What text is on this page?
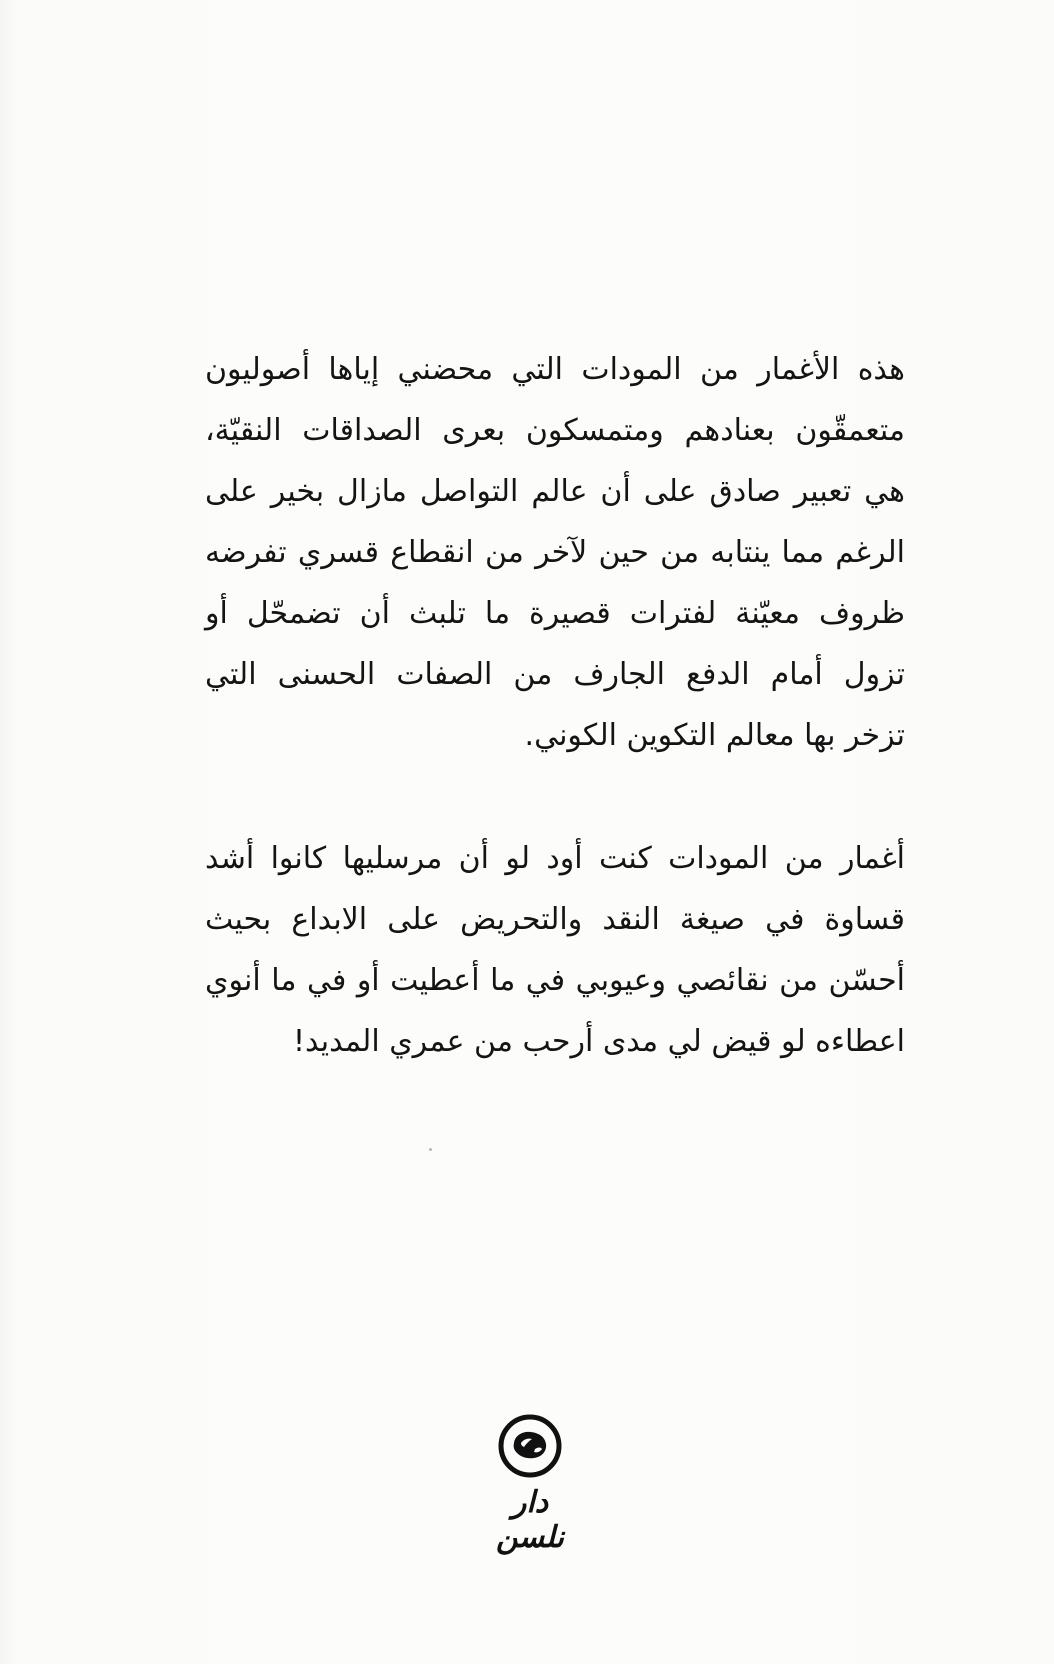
هذه الأغمار من المودات التي محضني إياها أصوليون
متعمقّون بعنادهم ومتمسكون بعرى الصداقات النقيّة،
هي تعبير صادق على أن عالم التواصل مازال بخير على
الرغم مما ينتابه من حين لآخر من انقطاع قسري تفرضه
ظروف معيّنة لفترات قصيرة ما تلبث أن تضمحّل أو
تزول أمام الدفع الجارف من الصفات الحسنى التي
تزخر بها معالم التكوين الكوني.
أغمار من المودات كنت أود لو أن مرسليها كانوا أشد
قساوة في صيغة النقد والتحريض على الابداع بحيث
أحسّن من نقائصي وعيوبي في ما أعطيت أو في ما أنوي
اعطاءه لو قيض لي مدى أرحب من عمري المديد!
دار نلسن
